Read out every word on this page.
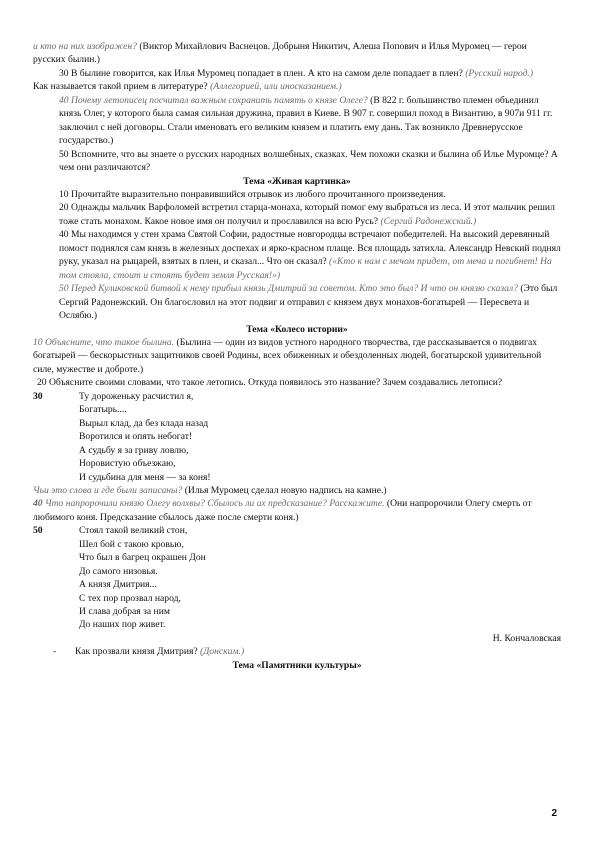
и кто на них изображен? (Виктор Михайлович Васнецов. Добрыня Никитич, Алеша Попович и Илья Муромец — герои русских былин.)

30 В былине говорится, как Илья Муромец попадает в плен. А кто на самом деле попадает в плен? (Русский народ.)

Как называется такой прием в литературе? (Аллегорией, или иносказанием.)

40 Почему летописец посчитал важным сохранить память о князе Олеге? (В 822 г. большинство племен объединил князь Олег, у которого была самая сильная дружина, правил в Киеве. В 907 г. совершил поход в Византию, в 907и 911 гг. заключил с ней договоры. Стали именовать его великим князем и платить ему дань. Так возникло Древнерусское государство.)

50 Вспомните, что вы знаете о русских народных волшебных, сказках. Чем похожи сказки и былина об Илье Муромце? А чем они различаются?

Тема «Живая картинка»

10 Прочитайте выразительно понравившийся отрывок из любого прочитанного произведения.

20 Однажды мальчик Варфоломей встретил старца-монаха, который помог ему выбраться из леса. И этот мальчик решил тоже стать монахом. Какое новое имя он получил и прославился на всю Русь? (Сергий Радонежский.)

40 Мы находимся у стен храма Святой Софии, радостные новгородцы встречают победителей. На высокий деревянный помост поднялся сам князь в железных доспехах и ярко-красном плаще. Вся площадь затихла. Александр Невский поднял руку, указал на рыцарей, взятых в плен, и сказал... Что он сказал? («Кто к нам с мечом придет, от меча и погибнет! На том стояла, стоит и стоять будет земля Русская!»)

50 Перед Куликовской битвой к нему прибыл князь Дмитрий за советом. Кто это был? И что он князю сказал? (Это был Сергий Радонежский. Он благословил на этот подвиг и отправил с князем двух монахов-богатырей — Пересвета и Ослябю.)

Тема «Колесо истории»

10 Объясните, что такое былина. (Былина — один из видов устного народного творчества, где рассказывается о подвигах богатырей — бескорыстных защитников своей Родины, всех обиженных и обездоленных людей, богатырской удивительной силе, мужестве и доброте.)

20 Объясните своими словами, что такое летопись. Откуда появилось это название? Зачем создавались летописи?

30	Ту дороженьку расчистил я,
Богатырь....
Вырыл клад, да без клада назад
Воротился и опять небогат!
А судьбу я за гриву ловлю,
Норовистую объезжаю,
И судьбина для меня — за коня!

Чьи это слова и где были записаны? (Илья Муромец сделал новую надпись на камне.)

40 Что напророчили князю Олегу волхвы? Сбылось ли их предсказание? Расскажите. (Они напророчили Олегу смерть от любимого коня. Предсказание сбылось даже после смерти коня.)

50	Стоял такой великий стон,
Шел бой с такою кровью,
Что был в багрец окрашен Дон
До самого низовья.
А князя Дмитрия...
С тех пор прозвал народ,
И слава добрая за ним
До наших пор живет.

Н. Кончаловская

- Как прозвали князя Дмитрия? (Донским.)

Тема «Памятники культуры»

2
